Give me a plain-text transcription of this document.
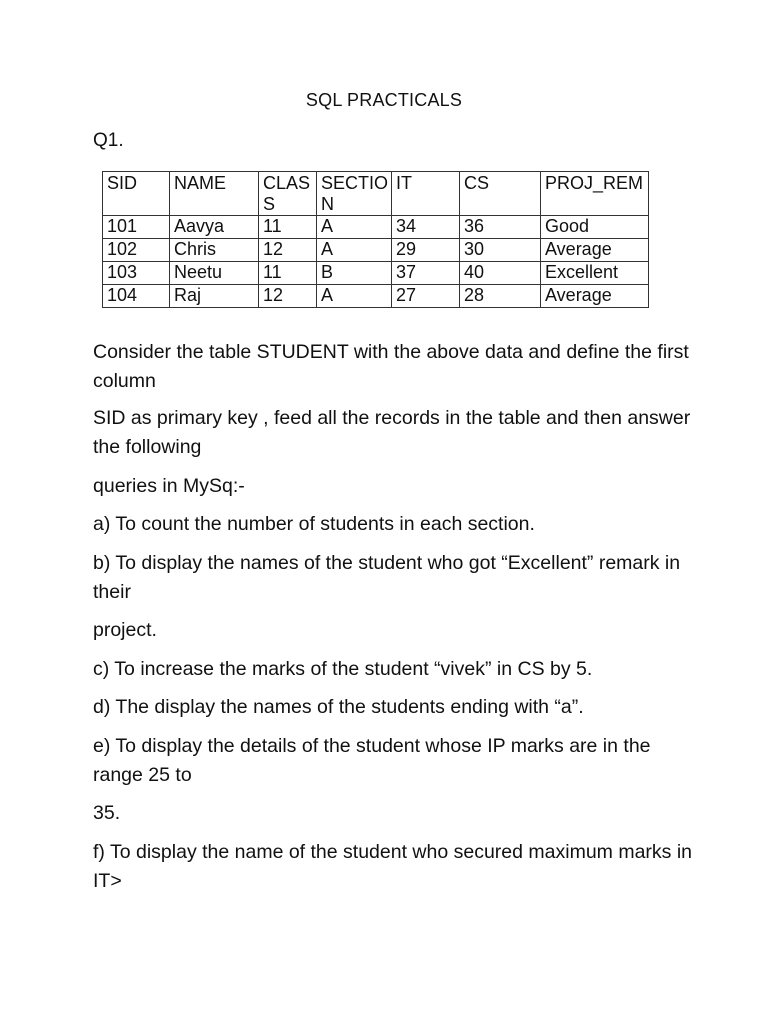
SQL PRACTICALS
Q1.
SID	NAME	CLASS	SECTION	IT	CS	PROJ_REM
101	Aavya	11	A	34	36	Good
102	Chris	12	A	29	30	Average
103	Neetu	11	B	37	40	Excellent
104	Raj	12	A	27	28	Average

Consider the table STUDENT with the above data and define the first column

SID as primary key , feed all the records in the table and then answer the following

queries in MySq:-

a) To count the number of students in each section.

b) To display the names of the student who got “Excellent” remark in their

project.

c) To increase the marks of the student “vivek” in CS by 5.

d) The display the names of the students ending with “a”.

e) To display the details of the student whose IP marks are in the range 25 to

35.

f) To display the name of the student who secured maximum marks in IT>
